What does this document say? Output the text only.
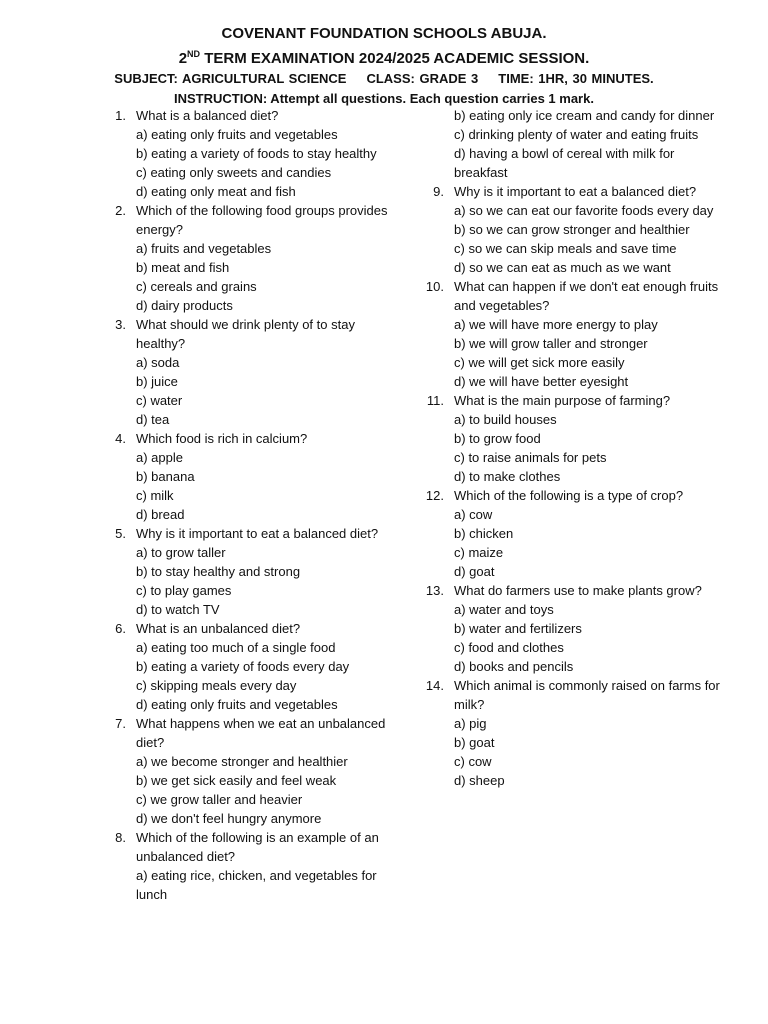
COVENANT FOUNDATION SCHOOLS ABUJA.
2ND TERM EXAMINATION 2024/2025 ACADEMIC SESSION.
SUBJECT: AGRICULTURAL SCIENCE CLASS: GRADE 3 TIME: 1HR, 30 MINUTES.
INSTRUCTION: Attempt all questions. Each question carries 1 mark.
1. What is a balanced diet?
a) eating only fruits and vegetables
b) eating a variety of foods to stay healthy
c) eating only sweets and candies
d) eating only meat and fish
2. Which of the following food groups provides energy?
a) fruits and vegetables
b) meat and fish
c) cereals and grains
d) dairy products
3. What should we drink plenty of to stay healthy?
a) soda
b) juice
c) water
d) tea
4. Which food is rich in calcium?
a) apple
b) banana
c) milk
d) bread
5. Why is it important to eat a balanced diet?
a) to grow taller
b) to stay healthy and strong
c) to play games
d) to watch TV
6. What is an unbalanced diet?
a) eating too much of a single food
b) eating a variety of foods every day
c) skipping meals every day
d) eating only fruits and vegetables
7. What happens when we eat an unbalanced diet?
a) we become stronger and healthier
b) we get sick easily and feel weak
c) we grow taller and heavier
d) we don't feel hungry anymore
8. Which of the following is an example of an unbalanced diet?
a) eating rice, chicken, and vegetables for lunch
b) eating only ice cream and candy for dinner
c) drinking plenty of water and eating fruits
d) having a bowl of cereal with milk for breakfast
9. Why is it important to eat a balanced diet?
a) so we can eat our favorite foods every day
b) so we can grow stronger and healthier
c) so we can skip meals and save time
d) so we can eat as much as we want
10. What can happen if we don't eat enough fruits and vegetables?
a) we will have more energy to play
b) we will grow taller and stronger
c) we will get sick more easily
d) we will have better eyesight
11. What is the main purpose of farming?
a) to build houses
b) to grow food
c) to raise animals for pets
d) to make clothes
12. Which of the following is a type of crop?
a) cow
b) chicken
c) maize
d) goat
13. What do farmers use to make plants grow?
a) water and toys
b) water and fertilizers
c) food and clothes
d) books and pencils
14. Which animal is commonly raised on farms for milk?
a) pig
b) goat
c) cow
d) sheep
